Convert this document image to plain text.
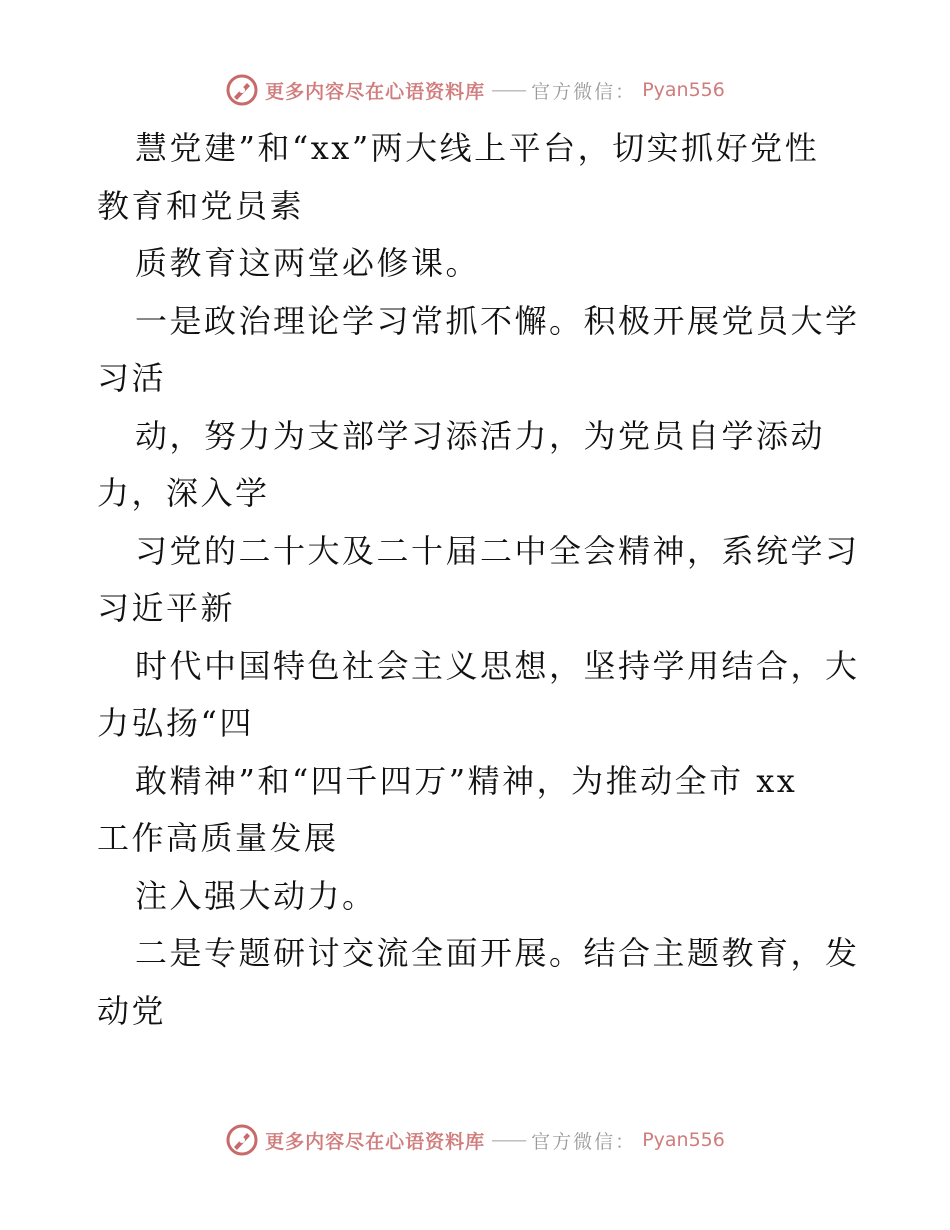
更多内容尽在心语资料库 —— 官方微信： Pyan556
慧党建”和“xx”两大线上平台，切实抓好党性
教育和党员素
质教育这两堂必修课。
一是政治理论学习常抓不懈。积极开展党员大学
习活
动，努力为支部学习添活力，为党员自学添动
力，深入学
习党的二十大及二十届二中全会精神，系统学习
习近平新
时代中国特色社会主义思想，坚持学用结合，大
力弘扬“四
敢精神”和“四千四万”精神，为推动全市 xx
工作高质量发展
注入强大动力。
二是专题研讨交流全面开展。结合主题教育，发
动党
更多内容尽在心语资料库 —— 官方微信： Pyan556
